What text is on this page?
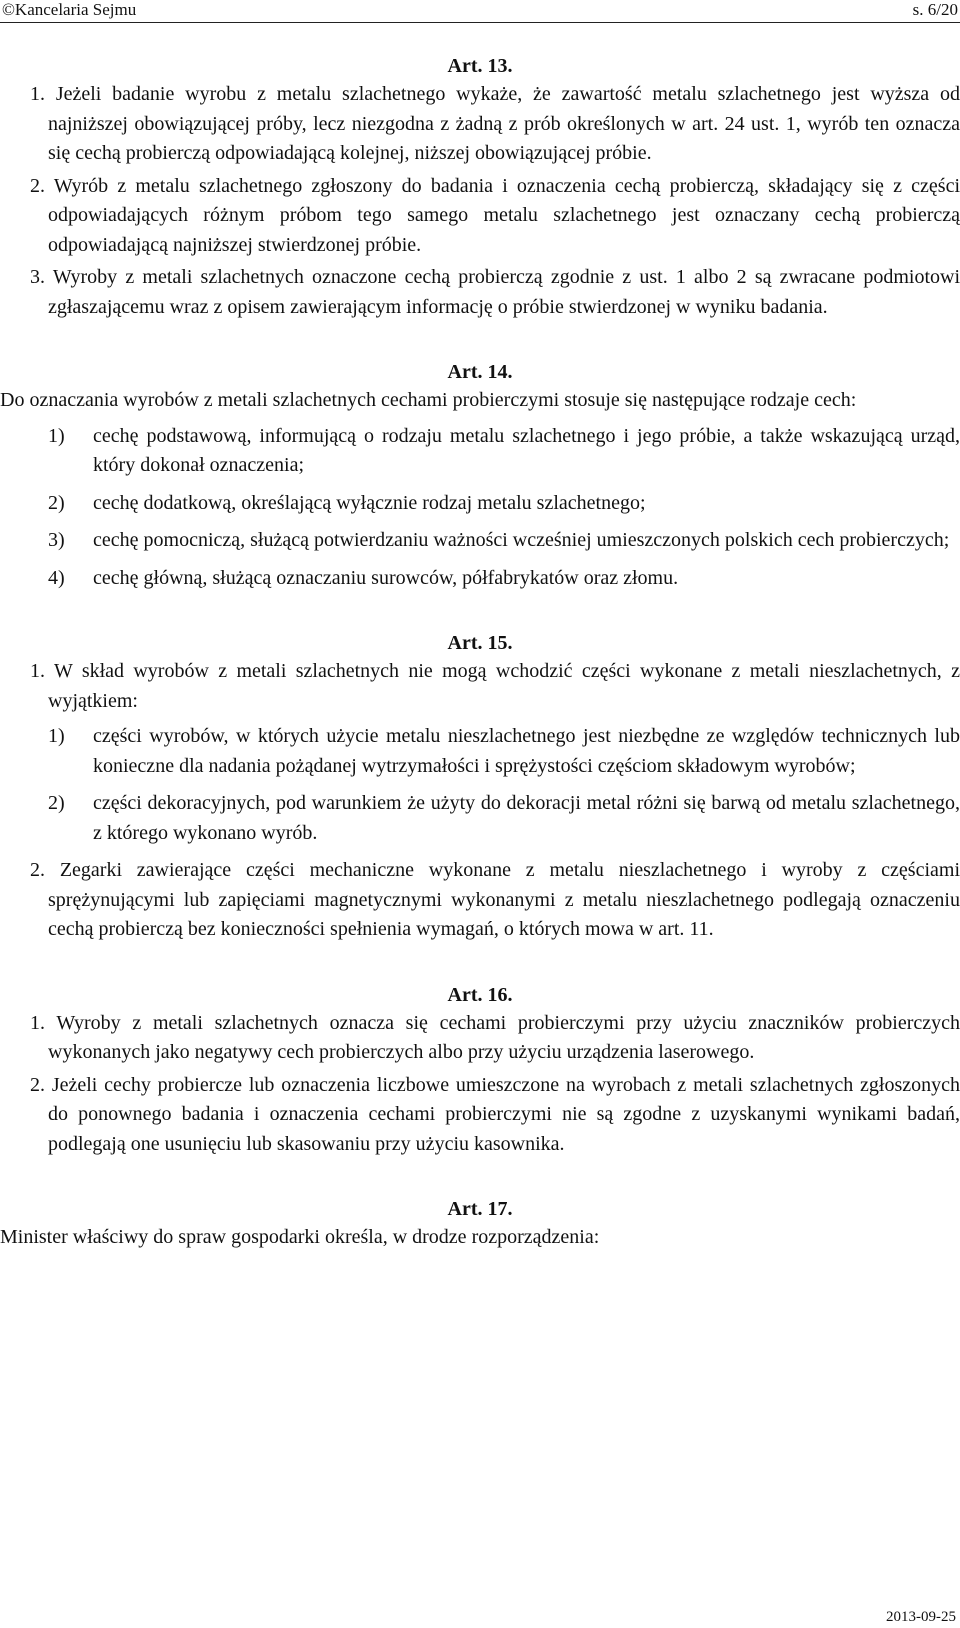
©Kancelaria Sejmu	s. 6/20

Art. 13.

1. Jeżeli badanie wyrobu z metalu szlachetnego wykaże, że zawartość metalu szlachetnego jest wyższa od najniższej obowiązującej próby, lecz niezgodna z żadną z prób określonych w art. 24 ust. 1, wyrób ten oznacza się cechą probierczą odpowiadającą kolejnej, niższej obowiązującej próbie.

2. Wyrób z metalu szlachetnego zgłoszony do badania i oznaczenia cechą probierczą, składający się z części odpowiadających różnym próbom tego samego metalu szlachetnego jest oznaczany cechą probierczą odpowiadającą najniższej stwierdzonej próbie.

3. Wyroby z metali szlachetnych oznaczone cechą probierczą zgodnie z ust. 1 albo 2 są zwracane podmiotowi zgłaszającemu wraz z opisem zawierającym informację o próbie stwierdzonej w wyniku badania.

Art. 14.

Do oznaczania wyrobów z metali szlachetnych cechami probierczymi stosuje się następujące rodzaje cech:

1) cechę podstawową, informującą o rodzaju metalu szlachetnego i jego próbie, a także wskazującą urząd, który dokonał oznaczenia;
2) cechę dodatkową, określającą wyłącznie rodzaj metalu szlachetnego;
3) cechę pomocniczą, służącą potwierdzaniu ważności wcześniej umieszczonych polskich cech probierczych;
4) cechę główną, służącą oznaczaniu surowców, półfabrykatów oraz złomu.

Art. 15.

1. W skład wyrobów z metali szlachetnych nie mogą wchodzić części wykonane z metali nieszlachetnych, z wyjątkiem:

1) części wyrobów, w których użycie metalu nieszlachetnego jest niezbędne ze względów technicznych lub konieczne dla nadania pożądanej wytrzymałości i sprężystości częściom składowym wyrobów;
2) części dekoracyjnych, pod warunkiem że użyty do dekoracji metal różni się barwą od metalu szlachetnego, z którego wykonano wyrób.

2. Zegarki zawierające części mechaniczne wykonane z metalu nieszlachetnego i wyroby z częściami sprężynującymi lub zapięciami magnetycznymi wykonanymi z metalu nieszlachetnego podlegają oznaczeniu cechą probierczą bez konieczności spełnienia wymagań, o których mowa w art. 11.

Art. 16.

1. Wyroby z metali szlachetnych oznacza się cechami probierczymi przy użyciu znaczników probierczych wykonanych jako negatywy cech probierczych albo przy użyciu urządzenia laserowego.

2. Jeżeli cechy probiercze lub oznaczenia liczbowe umieszczone na wyrobach z metali szlachetnych zgłoszonych do ponownego badania i oznaczenia cechami probierczymi nie są zgodne z uzyskanymi wynikami badań, podlegają one usunięciu lub skasowaniu przy użyciu kasownika.

Art. 17.

Minister właściwy do spraw gospodarki określa, w drodze rozporządzenia:

2013-09-25
